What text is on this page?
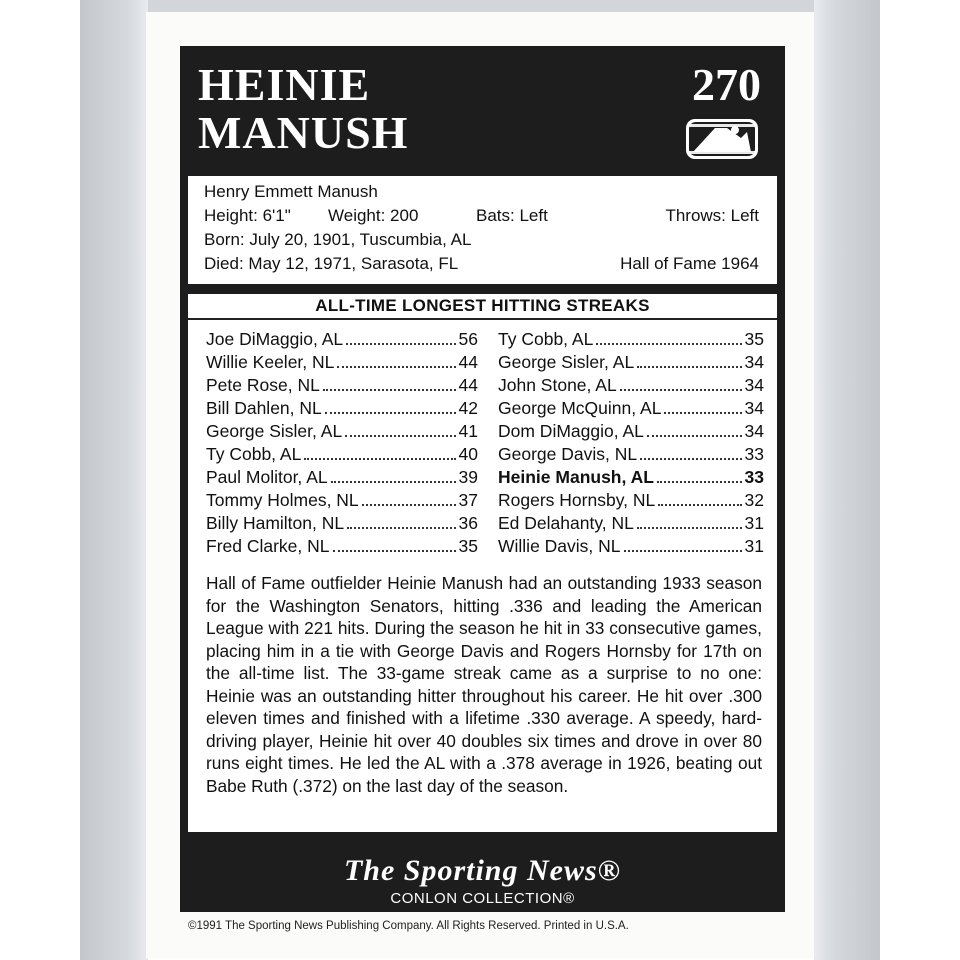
HEINIE
MANUSH
270
Henry Emmett Manush
Height: 6'1" Weight: 200	Bats: Left	Throws: Left
Born: July 20, 1901, Tuscumbia, AL
Died: May 12, 1971, Sarasota, FL	Hall of Fame 1964
ALL-TIME LONGEST HITTING STREAKS
Joe DiMaggio, AL	56
Willie Keeler, NL	44
Pete Rose, NL	44
Bill Dahlen, NL	42
George Sisler, AL	41
Ty Cobb, AL	40
Paul Molitor, AL	39
Tommy Holmes, NL	37
Billy Hamilton, NL	36
Fred Clarke, NL	35
Ty Cobb, AL	35
George Sisler, AL	34
John Stone, AL	34
George McQuinn, AL	34
Dom DiMaggio, AL	34
George Davis, NL	33
Heinie Manush, AL	33
Rogers Hornsby, NL	32
Ed Delahanty, NL	31
Willie Davis, NL	31
Hall of Fame outfielder Heinie Manush had an outstanding 1933 season for the Washington Senators, hitting .336 and leading the American League with 221 hits. During the season he hit in 33 consecutive games, placing him in a tie with George Davis and Rogers Hornsby for 17th on the all-time list. The 33-game streak came as a surprise to no one: Heinie was an outstanding hitter throughout his career. He hit over .300 eleven times and finished with a lifetime .330 average. A speedy, hard-driving player, Heinie hit over 40 doubles six times and drove in over 80 runs eight times. He led the AL with a .378 average in 1926, beating out Babe Ruth (.372) on the last day of the season.
The Sporting News®
CONLON COLLECTION®
©1991 The Sporting News Publishing Company. All Rights Reserved. Printed in U.S.A.
